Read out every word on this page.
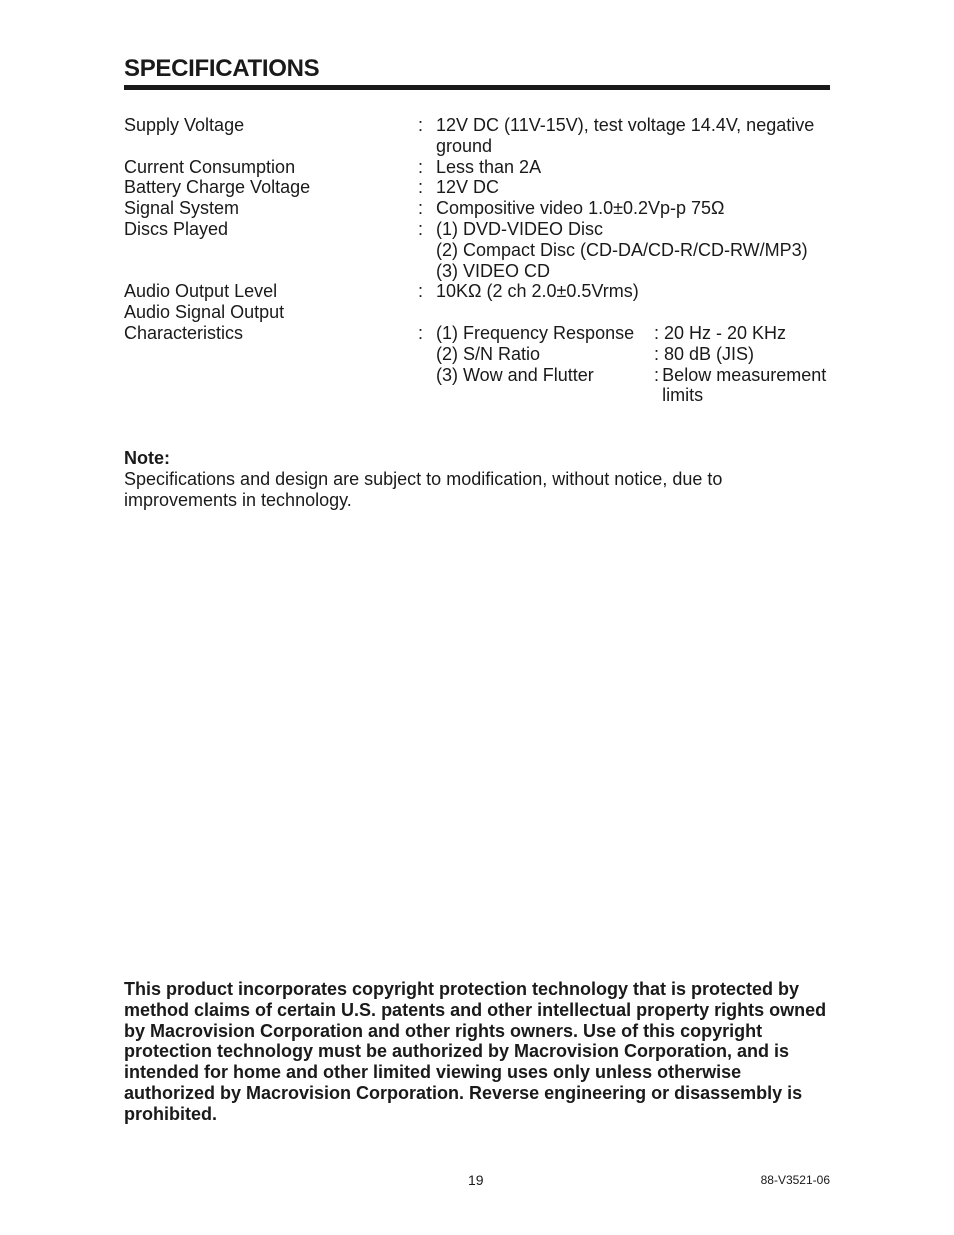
SPECIFICATIONS
Supply Voltage	: 12V DC (11V-15V), test voltage 14.4V, negative ground
Current Consumption	: Less than 2A
Battery Charge Voltage	: 12V DC
Signal System	: Compositive video 1.0±0.2Vp-p 75Ω
Discs Played	: (1) DVD-VIDEO Disc
(2) Compact Disc (CD-DA/CD-R/CD-RW/MP3)
(3) VIDEO CD
Audio Output Level	: 10KΩ (2 ch 2.0±0.5Vrms)
Audio Signal Output
Characteristics	: (1) Frequency Response	: 20 Hz - 20 KHz
(2) S/N Ratio	: 80 dB (JIS)
(3) Wow and Flutter	: Below measurement limits
Note:
Specifications and design are subject to modification, without notice, due to improvements in technology.
This product incorporates copyright protection technology that is protected by method claims of certain U.S. patents and other intellectual property rights owned by Macrovision Corporation and other rights owners. Use of this copyright protection technology must be authorized by Macrovision Corporation, and is intended for home and other limited viewing uses only unless otherwise authorized by Macrovision Corporation. Reverse engineering or disassembly is prohibited.
19	88-V3521-06
